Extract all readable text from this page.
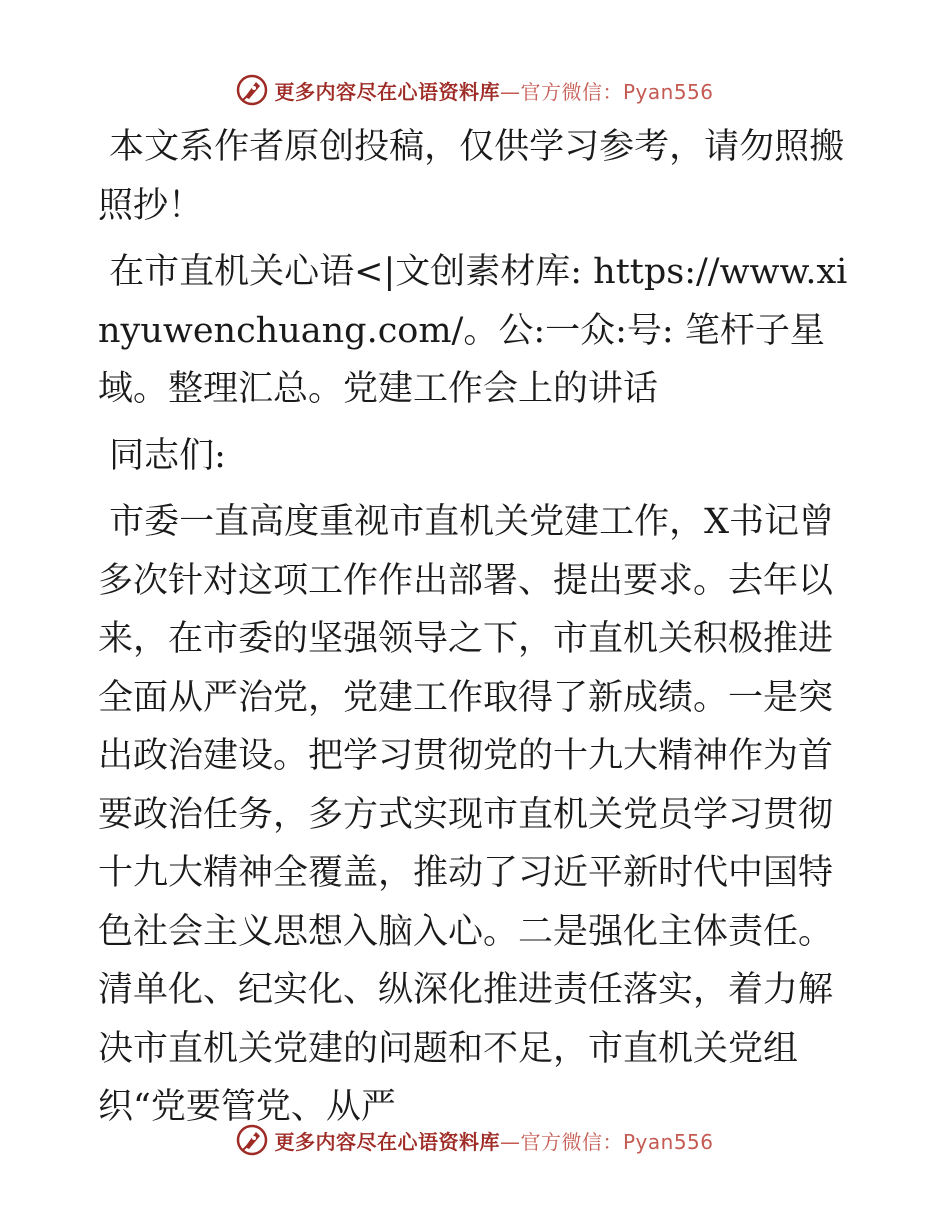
更多内容尽在心语资料库—官方微信：Pyan556

本文系作者原创投稿，仅供学习参考，请勿照搬照抄！

在市直机关心语<|文创素材库: https://www.xinyuwenchuang.com/。公:一众:号: 笔杆子星域。整理汇总。党建工作会上的讲话

同志们:

市委一直高度重视市直机关党建工作，X书记曾多次针对这项工作作出部署、提出要求。去年以来，在市委的坚强领导之下，市直机关积极推进全面从严治党，党建工作取得了新成绩。一是突出政治建设。把学习贯彻党的十九大精神作为首要政治任务，多方式实现市直机关党员学习贯彻十九大精神全覆盖，推动了习近平新时代中国特色社会主义思想入脑入心。二是强化主体责任。清单化、纪实化、纵深化推进责任落实，着力解决市直机关党建的问题和不足，市直机关党组织“党要管党、从严

更多内容尽在心语资料库—官方微信：Pyan556
